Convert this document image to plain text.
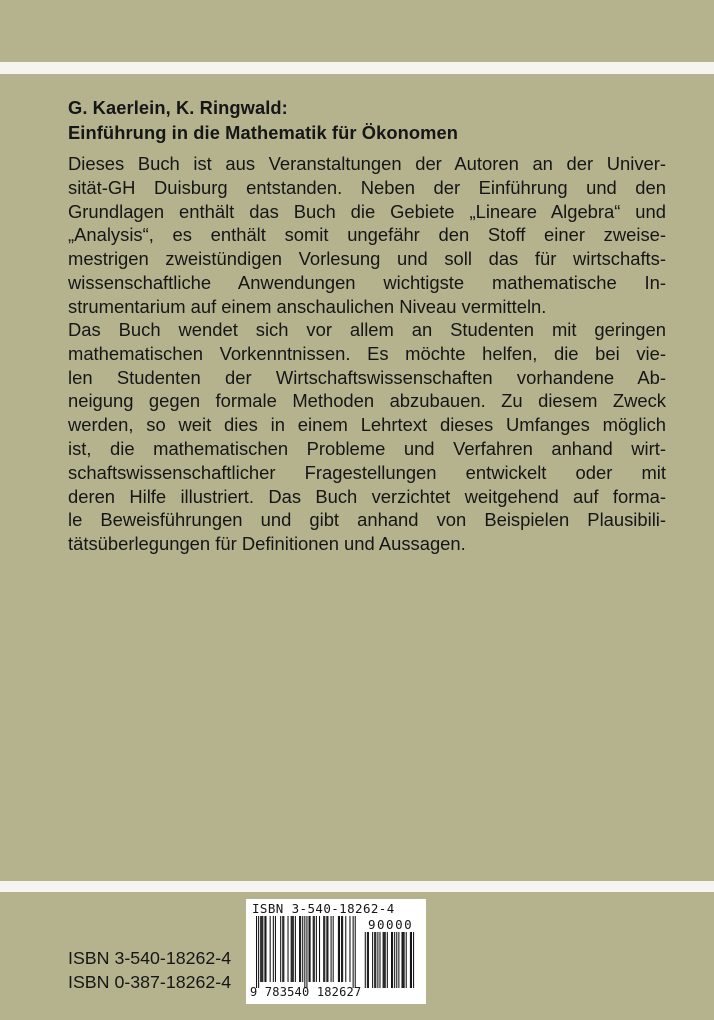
G. Kaerlein, K. Ringwald:
Einführung in die Mathematik für Ökonomen

Dieses Buch ist aus Veranstaltungen der Autoren an der Univer-
sität-GH Duisburg entstanden. Neben der Einführung und den
Grundlagen enthält das Buch die Gebiete „Lineare Algebra“ und
„Analysis“, es enthält somit ungefähr den Stoff einer zweise-
mestrigen zweistündigen Vorlesung und soll das für wirtschafts-
wissenschaftliche Anwendungen wichtigste mathematische In-
strumentarium auf einem anschaulichen Niveau vermitteln.

Das Buch wendet sich vor allem an Studenten mit geringen
mathematischen Vorkenntnissen. Es möchte helfen, die bei vie-
len Studenten der Wirtschaftswissenschaften vorhandene Ab-
neigung gegen formale Methoden abzubauen. Zu diesem Zweck
werden, so weit dies in einem Lehrtext dieses Umfanges möglich
ist, die mathematischen Probleme und Verfahren anhand wirt-
schaftswissenschaftlicher Fragestellungen entwickelt oder mit
deren Hilfe illustriert. Das Buch verzichtet weitgehend auf forma-
le Beweisführungen und gibt anhand von Beispielen Plausibili-
tätsüberlegungen für Definitionen und Aussagen.

ISBN 3-540-18262-4
ISBN 0-387-18262-4
ISBN 3-540-18262-4
90000
9 783540 182627
